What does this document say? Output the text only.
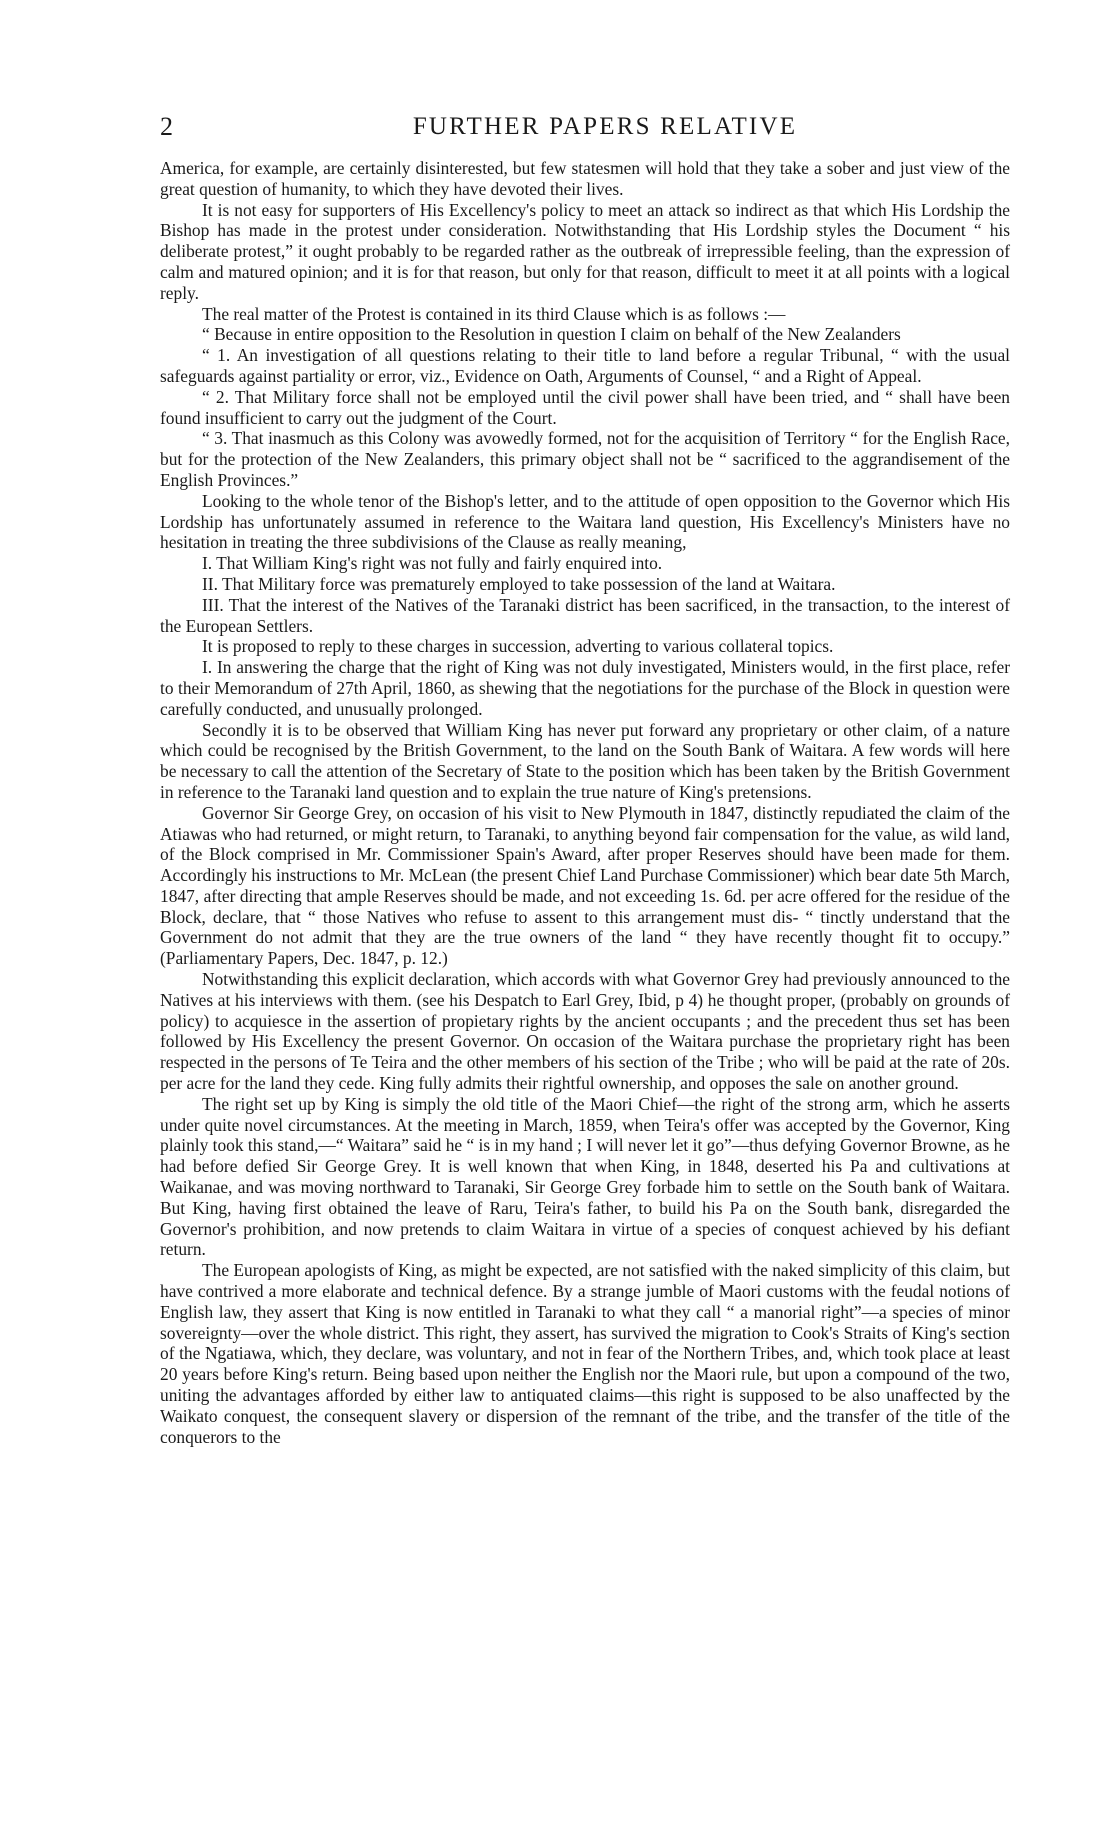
2	FURTHER PAPERS RELATIVE

America, for example, are certainly disinterested, but few statesmen will hold that they take a sober and just view of the great question of humanity, to which they have devoted their lives.

It is not easy for supporters of His Excellency's policy to meet an attack so indirect as that which His Lordship the Bishop has made in the protest under consideration. Notwithstanding that His Lordship styles the Document “ his deliberate protest,” it ought probably to be regarded rather as the outbreak of irrepressible feeling, than the expression of calm and matured opinion; and it is for that reason, but only for that reason, difficult to meet it at all points with a logical reply.

The real matter of the Protest is contained in its third Clause which is as follows :—

“ Because in entire opposition to the Resolution in question I claim on behalf of the New Zealanders

“ 1. An investigation of all questions relating to their title to land before a regular Tribunal, “ with the usual safeguards against partiality or error, viz., Evidence on Oath, Arguments of Counsel, “ and a Right of Appeal.

“ 2. That Military force shall not be employed until the civil power shall have been tried, and “ shall have been found insufficient to carry out the judgment of the Court.

“ 3. That inasmuch as this Colony was avowedly formed, not for the acquisition of Territory “ for the English Race, but for the protection of the New Zealanders, this primary object shall not be “ sacrificed to the aggrandisement of the English Provinces.”

Looking to the whole tenor of the Bishop's letter, and to the attitude of open opposition to the Governor which His Lordship has unfortunately assumed in reference to the Waitara land question, His Excellency's Ministers have no hesitation in treating the three subdivisions of the Clause as really meaning,

I. That William King's right was not fully and fairly enquired into.

II. That Military force was prematurely employed to take possession of the land at Waitara.

III. That the interest of the Natives of the Taranaki district has been sacrificed, in the transaction, to the interest of the European Settlers.

It is proposed to reply to these charges in succession, adverting to various collateral topics.

I. In answering the charge that the right of King was not duly investigated, Ministers would, in the first place, refer to their Memorandum of 27th April, 1860, as shewing that the negotiations for the purchase of the Block in question were carefully conducted, and unusually prolonged.

Secondly it is to be observed that William King has never put forward any proprietary or other claim, of a nature which could be recognised by the British Government, to the land on the South Bank of Waitara. A few words will here be necessary to call the attention of the Secretary of State to the position which has been taken by the British Government in reference to the Taranaki land question and to explain the true nature of King's pretensions.

Governor Sir George Grey, on occasion of his visit to New Plymouth in 1847, distinctly repudiated the claim of the Atiawas who had returned, or might return, to Taranaki, to anything beyond fair compensation for the value, as wild land, of the Block comprised in Mr. Commissioner Spain's Award, after proper Reserves should have been made for them. Accordingly his instructions to Mr. McLean (the present Chief Land Purchase Commissioner) which bear date 5th March, 1847, after directing that ample Reserves should be made, and not exceeding 1s. 6d. per acre offered for the residue of the Block, declare, that “ those Natives who refuse to assent to this arrangement must dis- “ tinctly understand that the Government do not admit that they are the true owners of the land “ they have recently thought fit to occupy.” (Parliamentary Papers, Dec. 1847, p. 12.)

Notwithstanding this explicit declaration, which accords with what Governor Grey had previously announced to the Natives at his interviews with them. (see his Despatch to Earl Grey, Ibid, p 4) he thought proper, (probably on grounds of policy) to acquiesce in the assertion of propietary rights by the ancient occupants ; and the precedent thus set has been followed by His Excellency the present Governor. On occasion of the Waitara purchase the proprietary right has been respected in the persons of Te Teira and the other members of his section of the Tribe ; who will be paid at the rate of 20s. per acre for the land they cede. King fully admits their rightful ownership, and opposes the sale on another ground.

The right set up by King is simply the old title of the Maori Chief—the right of the strong arm, which he asserts under quite novel circumstances. At the meeting in March, 1859, when Teira's offer was accepted by the Governor, King plainly took this stand,—“ Waitara” said he “ is in my hand ; I will never let it go”—thus defying Governor Browne, as he had before defied Sir George Grey. It is well known that when King, in 1848, deserted his Pa and cultivations at Waikanae, and was moving northward to Taranaki, Sir George Grey forbade him to settle on the South bank of Waitara. But King, having first obtained the leave of Raru, Teira's father, to build his Pa on the South bank, disregarded the Governor's prohibition, and now pretends to claim Waitara in virtue of a species of conquest achieved by his defiant return.

The European apologists of King, as might be expected, are not satisfied with the naked simplicity of this claim, but have contrived a more elaborate and technical defence. By a strange jumble of Maori customs with the feudal notions of English law, they assert that King is now entitled in Taranaki to what they call “ a manorial right”—a species of minor sovereignty—over the whole district. This right, they assert, has survived the migration to Cook's Straits of King's section of the Ngatiawa, which, they declare, was voluntary, and not in fear of the Northern Tribes, and, which took place at least 20 years before King's return. Being based upon neither the English nor the Maori rule, but upon a compound of the two, uniting the advantages afforded by either law to antiquated claims—this right is supposed to be also unaffected by the Waikato conquest, the consequent slavery or dispersion of the remnant of the tribe, and the transfer of the title of the conquerors to the
